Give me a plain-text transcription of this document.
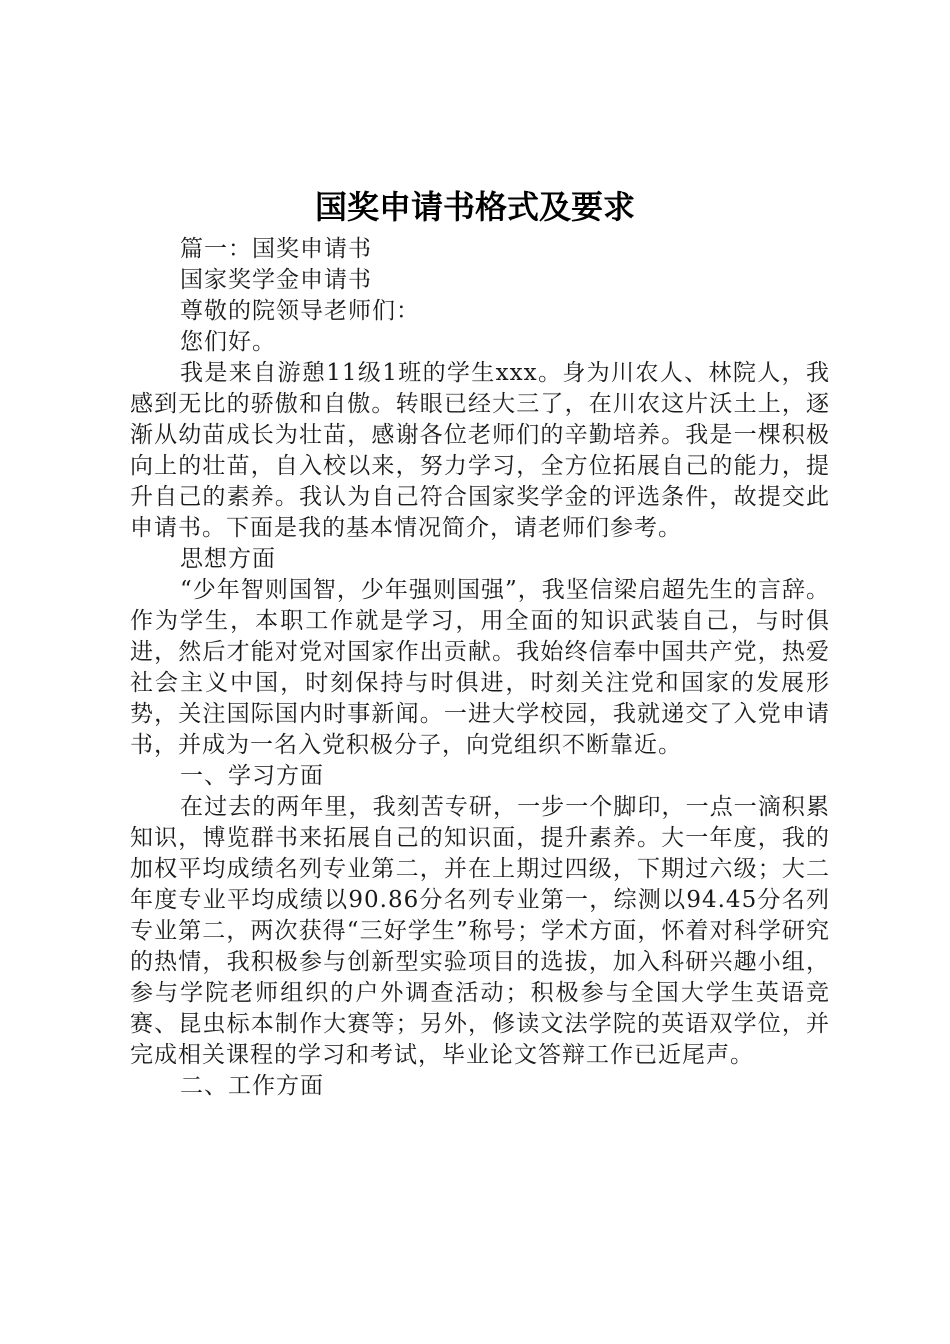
国奖申请书格式及要求

篇一：国奖申请书

国家奖学金申请书

尊敬的院领导老师们：

您们好。

我是来自游憩11级1班的学生xxx。身为川农人、林院人，我感到无比的骄傲和自傲。转眼已经大三了，在川农这片沃土上，逐渐从幼苗成长为壮苗，感谢各位老师们的辛勤培养。我是一棵积极向上的壮苗，自入校以来，努力学习，全方位拓展自己的能力，提升自己的素养。我认为自己符合国家奖学金的评选条件，故提交此申请书。下面是我的基本情况简介，请老师们参考。

思想方面

“少年智则国智，少年强则国强”，我坚信梁启超先生的言辞。作为学生，本职工作就是学习，用全面的知识武装自己，与时俱进，然后才能对党对国家作出贡献。我始终信奉中国共产党，热爱社会主义中国，时刻保持与时俱进，时刻关注党和国家的发展形势，关注国际国内时事新闻。一进大学校园，我就递交了入党申请书，并成为一名入党积极分子，向党组织不断靠近。

一、学习方面

在过去的两年里，我刻苦专研，一步一个脚印，一点一滴积累知识，博览群书来拓展自己的知识面，提升素养。大一年度，我的加权平均成绩名列专业第二，并在上期过四级，下期过六级；大二年度专业平均成绩以90.86分名列专业第一，综测以94.45分名列专业第二，两次获得“三好学生”称号；学术方面，怀着对科学研究的热情，我积极参与创新型实验项目的选拔，加入科研兴趣小组，参与学院老师组织的户外调查活动；积极参与全国大学生英语竞赛、昆虫标本制作大赛等；另外，修读文法学院的英语双学位，并完成相关课程的学习和考试，毕业论文答辩工作已近尾声。

二、工作方面
